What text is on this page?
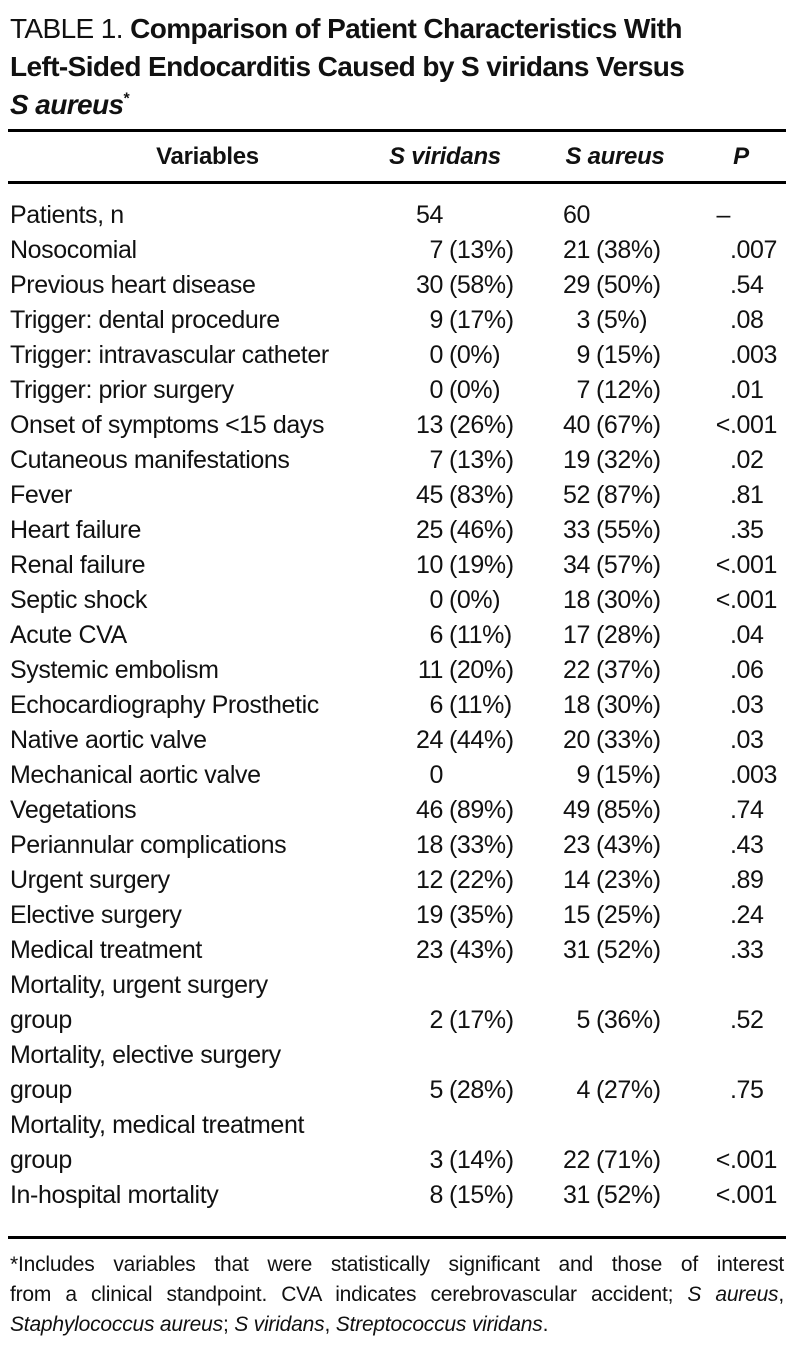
TABLE 1. Comparison of Patient Characteristics With
Left-Sided Endocarditis Caused by S viridans Versus
S aureus*
Variables	S viridans	S aureus	P
Patients, n	54	60	–
Nosocomial	7 (13%)	21 (38%)	.007
Previous heart disease	30 (58%)	29 (50%)	.54
Trigger: dental procedure	9 (17%)	3 (5%)	.08
Trigger: intravascular catheter	0 (0%)	9 (15%)	.003
Trigger: prior surgery	0 (0%)	7 (12%)	.01
Onset of symptoms <15 days	13 (26%)	40 (67%)	<.001
Cutaneous manifestations	7 (13%)	19 (32%)	.02
Fever	45 (83%)	52 (87%)	.81
Heart failure	25 (46%)	33 (55%)	.35
Renal failure	10 (19%)	34 (57%)	<.001
Septic shock	0 (0%)	18 (30%)	<.001
Acute CVA	6 (11%)	17 (28%)	.04
Systemic embolism	11 (20%)	22 (37%)	.06
Echocardiography Prosthetic	6 (11%)	18 (30%)	.03
Native aortic valve	24 (44%)	20 (33%)	.03
Mechanical aortic valve	0	9 (15%)	.003
Vegetations	46 (89%)	49 (85%)	.74
Periannular complications	18 (33%)	23 (43%)	.43
Urgent surgery	12 (22%)	14 (23%)	.89
Elective surgery	19 (35%)	15 (25%)	.24
Medical treatment	23 (43%)	31 (52%)	.33
Mortality, urgent surgery			
group	2 (17%)	5 (36%)	.52
Mortality, elective surgery			
group	5 (28%)	4 (27%)	.75
Mortality, medical treatment			
group	3 (14%)	22 (71%)	<.001
In-hospital mortality	8 (15%)	31 (52%)	<.001
*Includes variables that were statistically significant and those of interest
from a clinical standpoint. CVA indicates cerebrovascular accident; S aureus,
Staphylococcus aureus; S viridans, Streptococcus viridans.
